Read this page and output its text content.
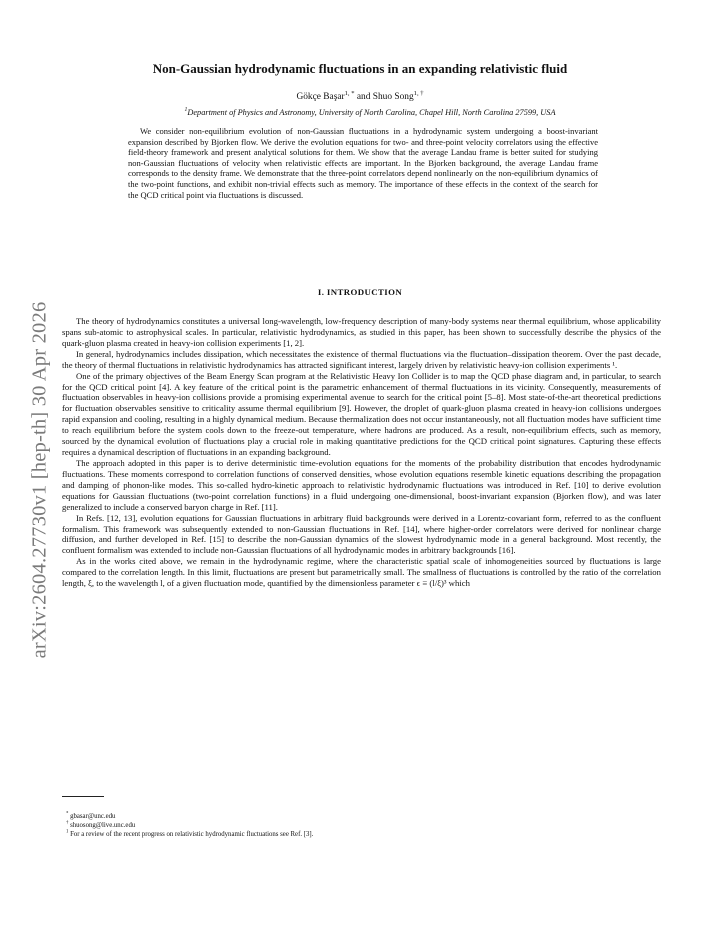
arXiv:2604.27730v1 [hep-th] 30 Apr 2026
Non-Gaussian hydrodynamic fluctuations in an expanding relativistic fluid
Gökçe Başar$^{1, *}$ and Shuo Song$^{1, \dagger}$
$^1$Department of Physics and Astronomy, University of North Carolina, Chapel Hill, North Carolina 27599, USA
We consider non-equilibrium evolution of non-Gaussian fluctuations in a hydrodynamic system undergoing a boost-invariant expansion described by Bjorken flow. We derive the evolution equations for two- and three-point velocity correlators using the effective field-theory framework and present analytical solutions for them. We show that the average Landau frame is better suited for studying non-Gaussian fluctuations of velocity when relativistic effects are important. In the Bjorken background, the average Landau frame corresponds to the density frame. We demonstrate that the three-point correlators depend nonlinearly on the non-equilibrium dynamics of the two-point functions, and exhibit non-trivial effects such as memory. The importance of these effects in the context of the search for the QCD critical point via fluctuations is discussed.
I. INTRODUCTION

The theory of hydrodynamics constitutes a universal long-wavelength, low-frequency description of many-body systems near thermal equilibrium, whose applicability spans sub-atomic to astrophysical scales. In particular, relativistic hydrodynamics, as studied in this paper, has been shown to successfully describe the physics of the quark-gluon plasma created in heavy-ion collision experiments [1, 2].

In general, hydrodynamics includes dissipation, which necessitates the existence of thermal fluctuations via the fluctuation–dissipation theorem. Over the past decade, the theory of thermal fluctuations in relativistic hydrodynamics has attracted significant interest, largely driven by relativistic heavy-ion collision experiments ¹.

One of the primary objectives of the Beam Energy Scan program at the Relativistic Heavy Ion Collider is to map the QCD phase diagram and, in particular, to search for the QCD critical point [4]. A key feature of the critical point is the parametric enhancement of thermal fluctuations in its vicinity. Consequently, measurements of fluctuation observables in heavy-ion collisions provide a promising experimental avenue to search for the critical point [5–8]. Most state-of-the-art theoretical predictions for fluctuation observables sensitive to criticality assume thermal equilibrium [9]. However, the droplet of quark-gluon plasma created in heavy-ion collisions undergoes rapid expansion and cooling, resulting in a highly dynamical medium. Because thermalization does not occur instantaneously, not all fluctuation modes have sufficient time to reach equilibrium before the system cools down to the freeze-out temperature, where hadrons are produced. As a result, non-equilibrium effects, such as memory, sourced by the dynamical evolution of fluctuations play a crucial role in making quantitative predictions for the QCD critical point signatures. Capturing these effects requires a dynamical description of fluctuations in an expanding background.

The approach adopted in this paper is to derive deterministic time-evolution equations for the moments of the probability distribution that encodes hydrodynamic fluctuations. These moments correspond to correlation functions of conserved densities, whose evolution equations resemble kinetic equations describing the propagation and damping of phonon-like modes. This so-called hydro-kinetic approach to relativistic hydrodynamic fluctuations was introduced in Ref. [10] to derive evolution equations for Gaussian fluctuations (two-point correlation functions) in a fluid undergoing one-dimensional, boost-invariant expansion (Bjorken flow), and was later generalized to include a conserved baryon charge in Ref. [11].

In Refs. [12, 13], evolution equations for Gaussian fluctuations in arbitrary fluid backgrounds were derived in a Lorentz-covariant form, referred to as the confluent formalism. This framework was subsequently extended to non-Gaussian fluctuations in Ref. [14], where higher-order correlators were derived for nonlinear charge diffusion, and further developed in Ref. [15] to describe the non-Gaussian dynamics of the slowest hydrodynamic mode in a general background. Most recently, the confluent formalism was extended to include non-Gaussian fluctuations of all hydrodynamic modes in arbitrary backgrounds [16].

As in the works cited above, we remain in the hydrodynamic regime, where the characteristic spatial scale of inhomogeneities sourced by fluctuations is large compared to the correlation length. In this limit, fluctuations are present but parametrically small. The smallness of fluctuations is controlled by the ratio of the correlation length, ξ, to the wavelength l, of a given fluctuation mode, quantified by the dimensionless parameter ϵ ≡ (l/ξ)³ which

* gbasar@unc.edu
† shuosong@live.unc.edu
$^1$ For a review of the recent progress on relativistic hydrodynamic fluctuations see Ref. [3].
